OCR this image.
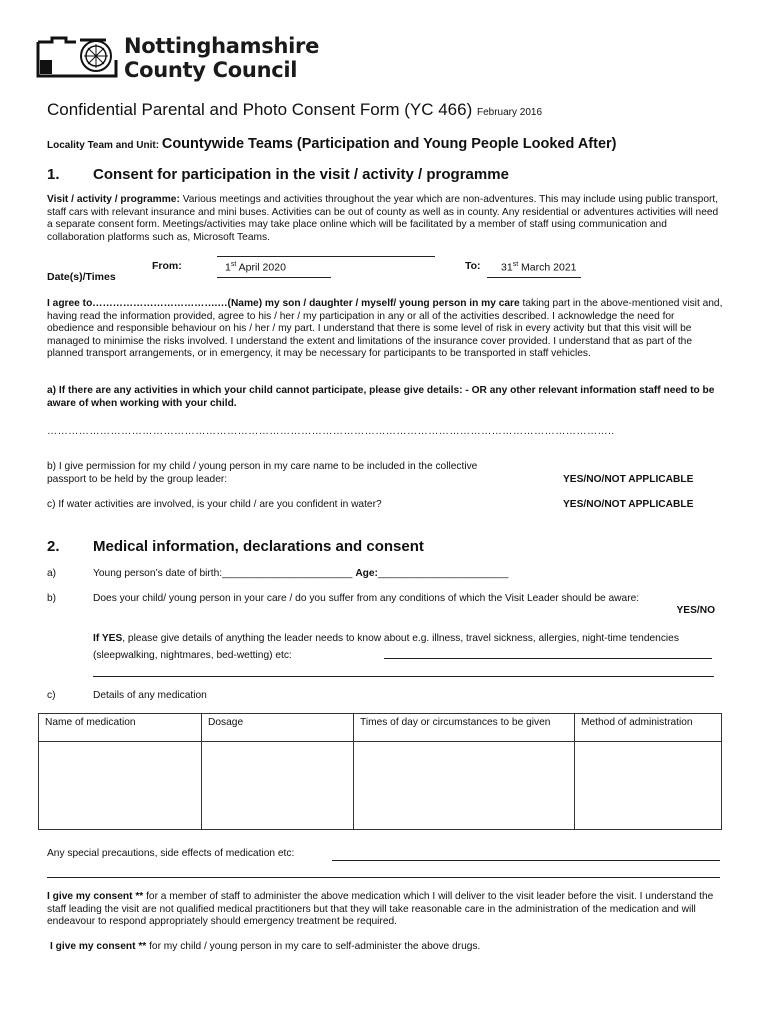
Nottinghamshire
County Council
Confidential Parental and Photo Consent Form (YC 466) February 2016
Locality Team and Unit: Countywide Teams (Participation and Young People Looked After)
1. Consent for participation in the visit / activity / programme
Visit / activity / programme: Various meetings and activities throughout the year which are non-adventures. This may include using public transport, staff cars with relevant insurance and mini buses. Activities can be out of county as well as in county. Any residential or adventures activities will need a separate consent form. Meetings/activities may take place online which will be facilitated by a member of staff using communication and collaboration platforms such as, Microsoft Teams.
From:	1st April 2020
Date(s)/Times
To: 31st March 2021
I agree to……………………………….…(Name) my son / daughter / myself/ young person in my care taking part in the above-mentioned visit and, having read the information provided, agree to his / her / my participation in any or all of the activities described. I acknowledge the need for obedience and responsible behaviour on his / her / my part. I understand that there is some level of risk in every activity but that this visit will be managed to minimise the risks involved. I understand the extent and limitations of the insurance cover provided. I understand that as part of the planned transport arrangements, or in emergency, it may be necessary for participants to be transported in staff vehicles.
a) If there are any activities in which your child cannot participate, please give details: - OR any other relevant information staff need to be aware of when working with your child.
……………………………………………………………………………………………………………………………………………..
b) I give permission for my child / young person in my care name to be included in the collective passport to be held by the group leader:	YES/NO/NOT APPLICABLE
c) If water activities are involved, is your child / are you confident in water?	YES/NO/NOT APPLICABLE
2. Medical information, declarations and consent
a)	Young person’s date of birth:_______________________ Age:_______________________
b)	Does your child/ young person in your care / do you suffer from any conditions of which the Visit Leader should be aware:
YES/NO
If YES, please give details of anything the leader needs to know about e.g. illness, travel sickness, allergies, night-time tendencies (sleepwalking, nightmares, bed-wetting) etc:
c)	Details of any medication
Name of medication	Dosage	Times of day or circumstances to be given	Method of administration

Any special precautions, side effects of medication etc:
I give my consent ** for a member of staff to administer the above medication which I will deliver to the visit leader before the visit. I understand the staff leading the visit are not qualified medical practitioners but that they will take reasonable care in the administration of the medication and will endeavour to respond appropriately should emergency treatment be required.
I give my consent ** for my child / young person in my care to self-administer the above drugs.
